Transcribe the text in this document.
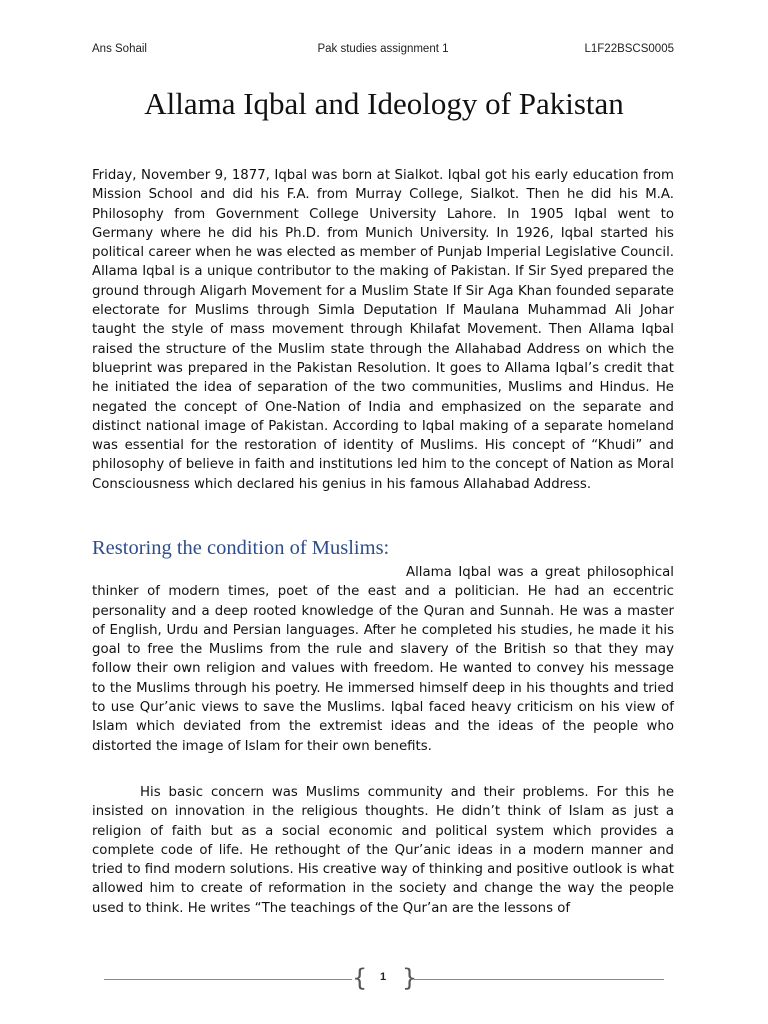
Ans Sohail	Pak studies assignment 1	L1F22BSCS0005
Allama Iqbal and Ideology of Pakistan

Friday, November 9, 1877, Iqbal was born at Sialkot. Iqbal got his early education from Mission School and did his F.A. from Murray College, Sialkot. Then he did his M.A. Philosophy from Government College University Lahore. In 1905 Iqbal went to Germany where he did his Ph.D. from Munich University. In 1926, Iqbal started his political career when he was elected as member of Punjab Imperial Legislative Council. Allama Iqbal is a unique contributor to the making of Pakistan. If Sir Syed prepared the ground through Aligarh Movement for a Muslim State If Sir Aga Khan founded separate electorate for Muslims through Simla Deputation If Maulana Muhammad Ali Johar taught the style of mass movement through Khilafat Movement. Then Allama Iqbal raised the structure of the Muslim state through the Allahabad Address on which the blueprint was prepared in the Pakistan Resolution. It goes to Allama Iqbal’s credit that he initiated the idea of separation of the two communities, Muslims and Hindus. He negated the concept of One-Nation of India and emphasized on the separate and distinct national image of Pakistan. According to Iqbal making of a separate homeland was essential for the restoration of identity of Muslims. His concept of “Khudi” and philosophy of believe in faith and institutions led him to the concept of Nation as Moral Consciousness which declared his genius in his famous Allahabad Address.

Restoring the condition of Muslims:

Allama Iqbal was a great philosophical thinker of modern times, poet of the east and a politician. He had an eccentric personality and a deep rooted knowledge of the Quran and Sunnah. He was a master of English, Urdu and Persian languages. After he completed his studies, he made it his goal to free the Muslims from the rule and slavery of the British so that they may follow their own religion and values with freedom. He wanted to convey his message to the Muslims through his poetry. He immersed himself deep in his thoughts and tried to use Qur’anic views to save the Muslims. Iqbal faced heavy criticism on his view of Islam which deviated from the extremist ideas and the ideas of the people who distorted the image of Islam for their own benefits.

His basic concern was Muslims community and their problems. For this he insisted on innovation in the religious thoughts. He didn’t think of Islam as just a religion of faith but as a social economic and political system which provides a complete code of life. He rethought of the Qur’anic ideas in a modern manner and tried to find modern solutions. His creative way of thinking and positive outlook is what allowed him to create of reformation in the society and change the way the people used to think. He writes “The teachings of the Qur’an are the lessons of

{ }
1
